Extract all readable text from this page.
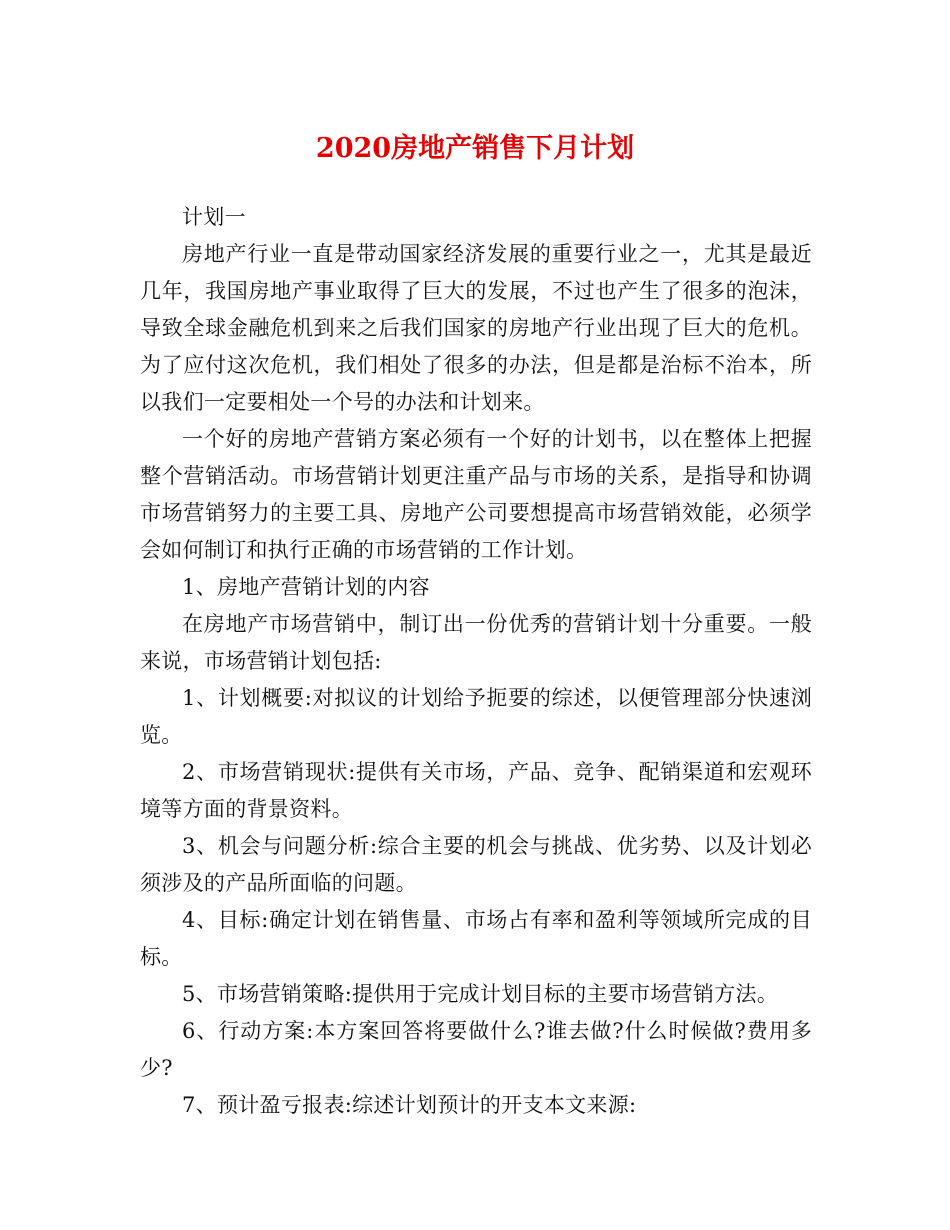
2020房地产销售下月计划

计划一

房地产行业一直是带动国家经济发展的重要行业之一，尤其是最近几年，我国房地产事业取得了巨大的发展，不过也产生了很多的泡沫，导致全球金融危机到来之后我们国家的房地产行业出现了巨大的危机。为了应付这次危机，我们相处了很多的办法，但是都是治标不治本，所以我们一定要相处一个号的办法和计划来。

一个好的房地产营销方案必须有一个好的计划书，以在整体上把握整个营销活动。市场营销计划更注重产品与市场的关系，是指导和协调市场营销努力的主要工具、房地产公司要想提高市场营销效能，必须学会如何制订和执行正确的市场营销的工作计划。

1、房地产营销计划的内容

在房地产市场营销中，制订出一份优秀的营销计划十分重要。一般来说，市场营销计划包括:

1、计划概要:对拟议的计划给予扼要的综述，以便管理部分快速浏览。

2、市场营销现状:提供有关市场，产品、竞争、配销渠道和宏观环境等方面的背景资料。

3、机会与问题分析:综合主要的机会与挑战、优劣势、以及计划必须涉及的产品所面临的问题。

4、目标:确定计划在销售量、市场占有率和盈利等领域所完成的目标。

5、市场营销策略:提供用于完成计划目标的主要市场营销方法。

6、行动方案:本方案回答将要做什么?谁去做?什么时候做?费用多少?

7、预计盈亏报表:综述计划预计的开支本文来源:
